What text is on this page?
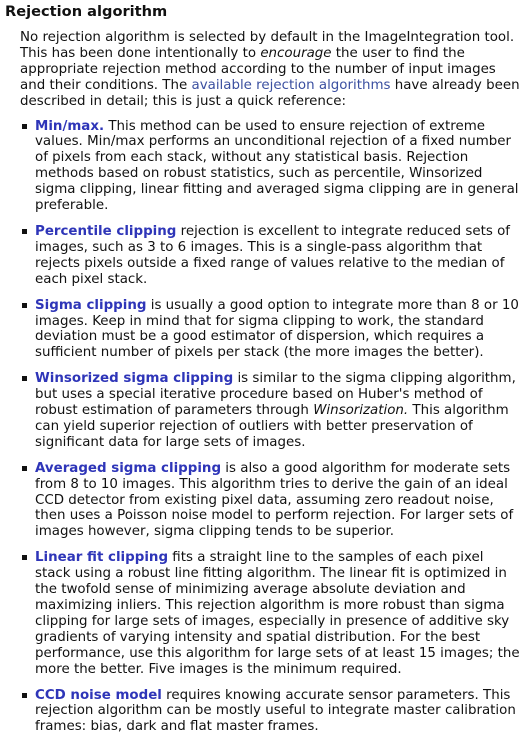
Rejection algorithm

No rejection algorithm is selected by default in the ImageIntegration tool. This has been done intentionally to encourage the user to find the appropriate rejection method according to the number of input images and their conditions. The available rejection algorithms have already been described in detail; this is just a quick reference:

Min/max. This method can be used to ensure rejection of extreme values. Min/max performs an unconditional rejection of a fixed number of pixels from each stack, without any statistical basis. Rejection methods based on robust statistics, such as percentile, Winsorized sigma clipping, linear fitting and averaged sigma clipping are in general preferable.
Percentile clipping rejection is excellent to integrate reduced sets of images, such as 3 to 6 images. This is a single-pass algorithm that rejects pixels outside a fixed range of values relative to the median of each pixel stack.
Sigma clipping is usually a good option to integrate more than 8 or 10 images. Keep in mind that for sigma clipping to work, the standard deviation must be a good estimator of dispersion, which requires a sufficient number of pixels per stack (the more images the better).
Winsorized sigma clipping is similar to the sigma clipping algorithm, but uses a special iterative procedure based on Huber's method of robust estimation of parameters through Winsorization. This algorithm can yield superior rejection of outliers with better preservation of significant data for large sets of images.
Averaged sigma clipping is also a good algorithm for moderate sets from 8 to 10 images. This algorithm tries to derive the gain of an ideal CCD detector from existing pixel data, assuming zero readout noise, then uses a Poisson noise model to perform rejection. For larger sets of images however, sigma clipping tends to be superior.
Linear fit clipping fits a straight line to the samples of each pixel stack using a robust line fitting algorithm. The linear fit is optimized in the twofold sense of minimizing average absolute deviation and maximizing inliers. This rejection algorithm is more robust than sigma clipping for large sets of images, especially in presence of additive sky gradients of varying intensity and spatial distribution. For the best performance, use this algorithm for large sets of at least 15 images; the more the better. Five images is the minimum required.
CCD noise model requires knowing accurate sensor parameters. This rejection algorithm can be mostly useful to integrate master calibration frames: bias, dark and flat master frames.
